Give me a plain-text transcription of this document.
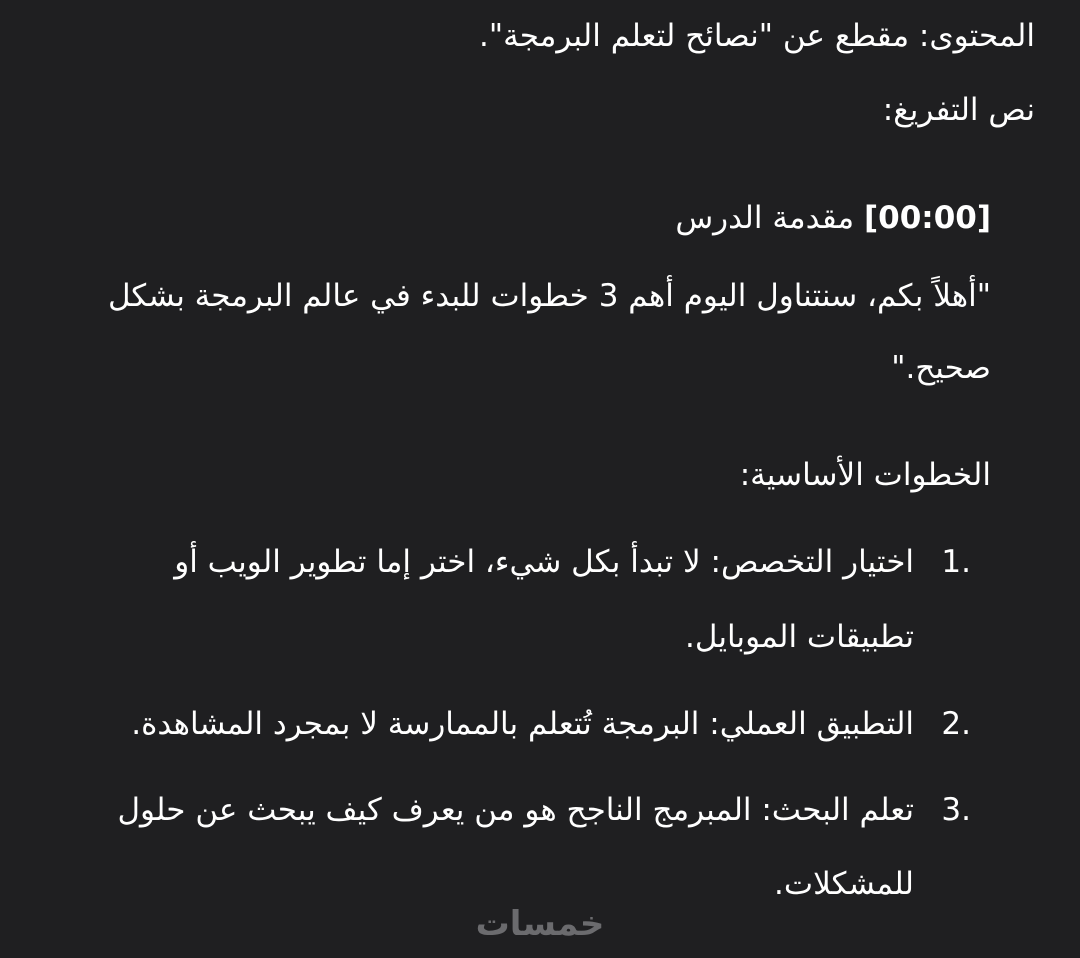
المحتوى: مقطع عن "نصائح لتعلم البرمجة".
نص التفريغ:
[00:00] مقدمة الدرس
"أهلاً بكم، سنتناول اليوم أهم 3 خطوات للبدء في عالم البرمجة بشكل
صحيح."
الخطوات الأساسية:
1.
اختيار التخصص: لا تبدأ بكل شيء، اختر إما تطوير الويب أو
تطبيقات الموبايل.
2.
التطبيق العملي: البرمجة تُتعلم بالممارسة لا بمجرد المشاهدة.
3.
تعلم البحث: المبرمج الناجح هو من يعرف كيف يبحث عن حلول
للمشكلات.
خمسات
